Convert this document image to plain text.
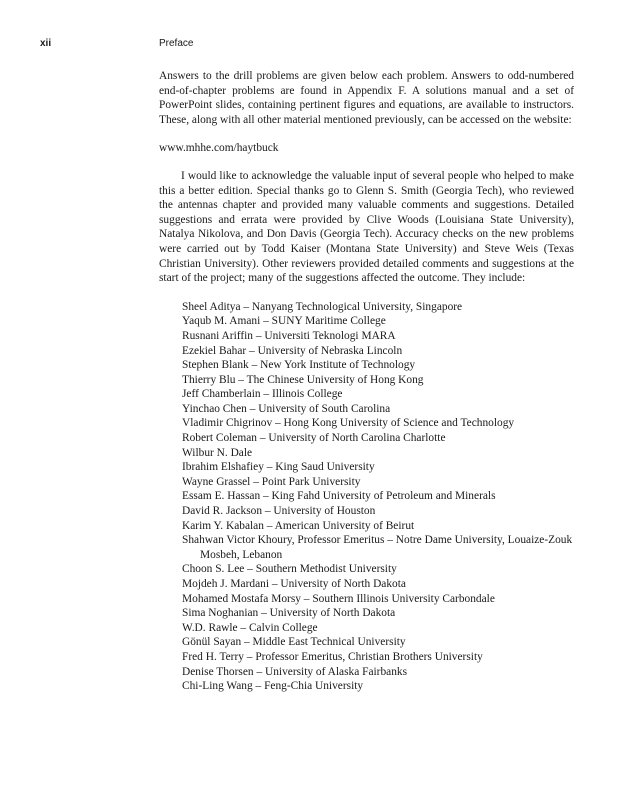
xii	Preface

Answers to the drill problems are given below each problem. Answers to odd-numbered end-of-chapter problems are found in Appendix F. A solutions manual and a set of PowerPoint slides, containing pertinent figures and equations, are available to instructors. These, along with all other material mentioned previously, can be accessed on the website:

www.mhhe.com/haytbuck

I would like to acknowledge the valuable input of several people who helped to make this a better edition. Special thanks go to Glenn S. Smith (Georgia Tech), who reviewed the antennas chapter and provided many valuable comments and suggestions. Detailed suggestions and errata were provided by Clive Woods (Louisiana State University), Natalya Nikolova, and Don Davis (Georgia Tech). Accuracy checks on the new problems were carried out by Todd Kaiser (Montana State University) and Steve Weis (Texas Christian University). Other reviewers provided detailed comments and suggestions at the start of the project; many of the suggestions affected the outcome. They include:

Sheel Aditya – Nanyang Technological University, Singapore
Yaqub M. Amani – SUNY Maritime College
Rusnani Ariffin – Universiti Teknologi MARA
Ezekiel Bahar – University of Nebraska Lincoln
Stephen Blank – New York Institute of Technology
Thierry Blu – The Chinese University of Hong Kong
Jeff Chamberlain – Illinois College
Yinchao Chen – University of South Carolina
Vladimir Chigrinov – Hong Kong University of Science and Technology
Robert Coleman – University of North Carolina Charlotte
Wilbur N. Dale
Ibrahim Elshafiey – King Saud University
Wayne Grassel – Point Park University
Essam E. Hassan – King Fahd University of Petroleum and Minerals
David R. Jackson – University of Houston
Karim Y. Kabalan – American University of Beirut
Shahwan Victor Khoury, Professor Emeritus – Notre Dame University, Louaize-Zouk Mosbeh, Lebanon
Choon S. Lee – Southern Methodist University
Mojdeh J. Mardani – University of North Dakota
Mohamed Mostafa Morsy – Southern Illinois University Carbondale
Sima Noghanian – University of North Dakota
W.D. Rawle – Calvin College
Gönül Sayan – Middle East Technical University
Fred H. Terry – Professor Emeritus, Christian Brothers University
Denise Thorsen – University of Alaska Fairbanks
Chi-Ling Wang – Feng-Chia University
